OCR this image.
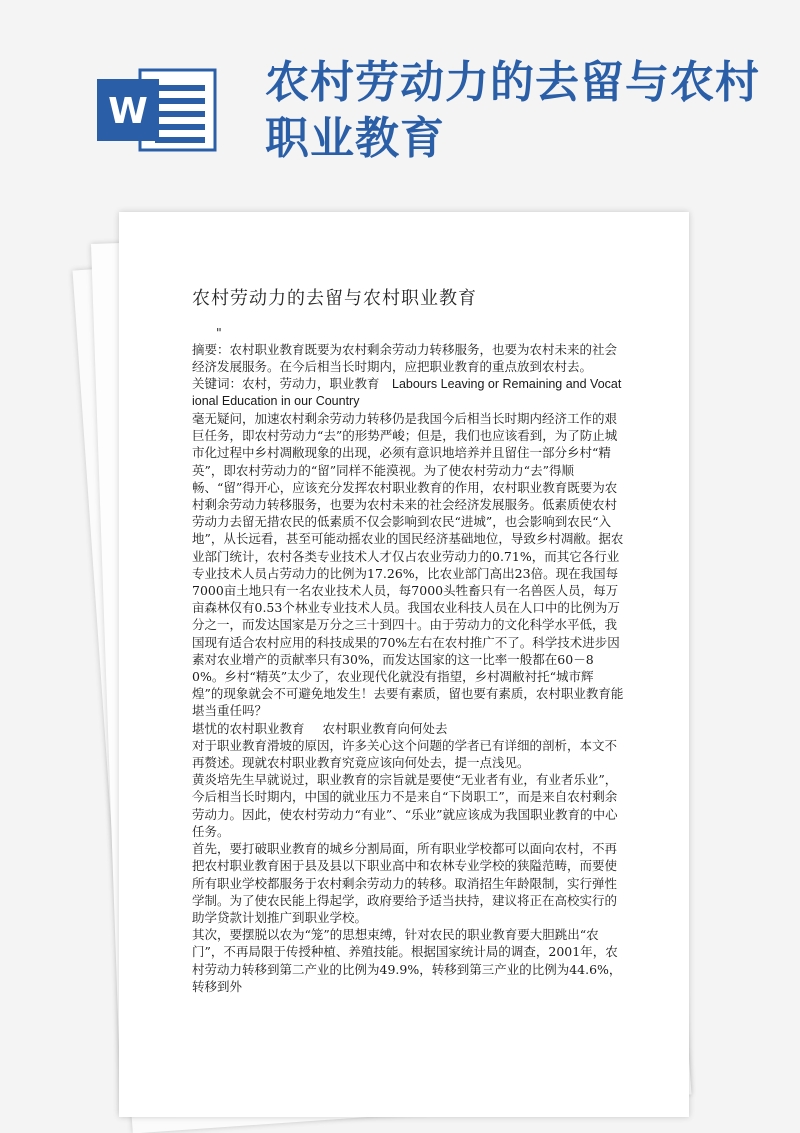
W
农村劳动力的去留与农村职业教育
农村劳动力的去留与农村职业教育

"

摘要：农村职业教育既要为农村剩余劳动力转移服务，也要为农村未来的社会经济发展服务。在今后相当长时期内，应把职业教育的重点放到农村去。

关键词：农村，劳动力，职业教育　Labours Leaving or Remaining and Vocational Education in our Country

毫无疑问，加速农村剩余劳动力转移仍是我国今后相当长时期内经济工作的艰巨任务，即农村劳动力“去”的形势严峻；但是，我们也应该看到，为了防止城市化过程中乡村凋敝现象的出现，必须有意识地培养并且留住一部分乡村“精英”，即农村劳动力的“留”同样不能漠视。为了使农村劳动力“去”得顺畅、“留”得开心，应该充分发挥农村职业教育的作用，农村职业教育既要为农村剩余劳动力转移服务，也要为农村未来的社会经济发展服务。低素质使农村劳动力去留无措农民的低素质不仅会影响到农民“进城”，也会影响到农民“入地”，从长远看，甚至可能动摇农业的国民经济基础地位，导致乡村凋敝。据农业部门统计，农村各类专业技术人才仅占农业劳动力的0.71%，而其它各行业专业技术人员占劳动力的比例为17.26%，比农业部门高出23倍。现在我国每7000亩土地只有一名农业技术人员，每7000头牲畜只有一名兽医人员，每万亩森林仅有0.53个林业专业技术人员。我国农业科技人员在人口中的比例为万分之一，而发达国家是万分之三十到四十。由于劳动力的文化科学水平低，我国现有适合农村应用的科技成果的70%左右在农村推广不了。科学技术进步因素对农业增产的贡献率只有30%，而发达国家的这一比率一般都在60－80%。乡村“精英”太少了，农业现代化就没有指望，乡村凋敝衬托“城市辉煌”的现象就会不可避免地发生！去要有素质，留也要有素质，农村职业教育能堪当重任吗？

堪忧的农村职业教育 农村职业教育向何处去

对于职业教育滑坡的原因，许多关心这个问题的学者已有详细的剖析，本文不再赘述。现就农村职业教育究竟应该向何处去，提一点浅见。

黄炎培先生早就说过，职业教育的宗旨就是要使“无业者有业，有业者乐业”，今后相当长时期内，中国的就业压力不是来自“下岗职工”，而是来自农村剩余劳动力。因此，使农村劳动力“有业”、“乐业”就应该成为我国职业教育的中心任务。

首先，要打破职业教育的城乡分割局面，所有职业学校都可以面向农村，不再把农村职业教育困于县及县以下职业高中和农林专业学校的狭隘范畴，而要使所有职业学校都服务于农村剩余劳动力的转移。取消招生年龄限制，实行弹性学制。为了使农民能上得起学，政府要给予适当扶持，建议将正在高校实行的助学贷款计划推广到职业学校。

其次，要摆脱以农为“笼”的思想束缚，针对农民的职业教育要大胆跳出“农门”，不再局限于传授种植、养殖技能。根据国家统计局的调查，2001年，农村劳动力转移到第二产业的比例为49.9%，转移到第三产业的比例为44.6%，转移到外
